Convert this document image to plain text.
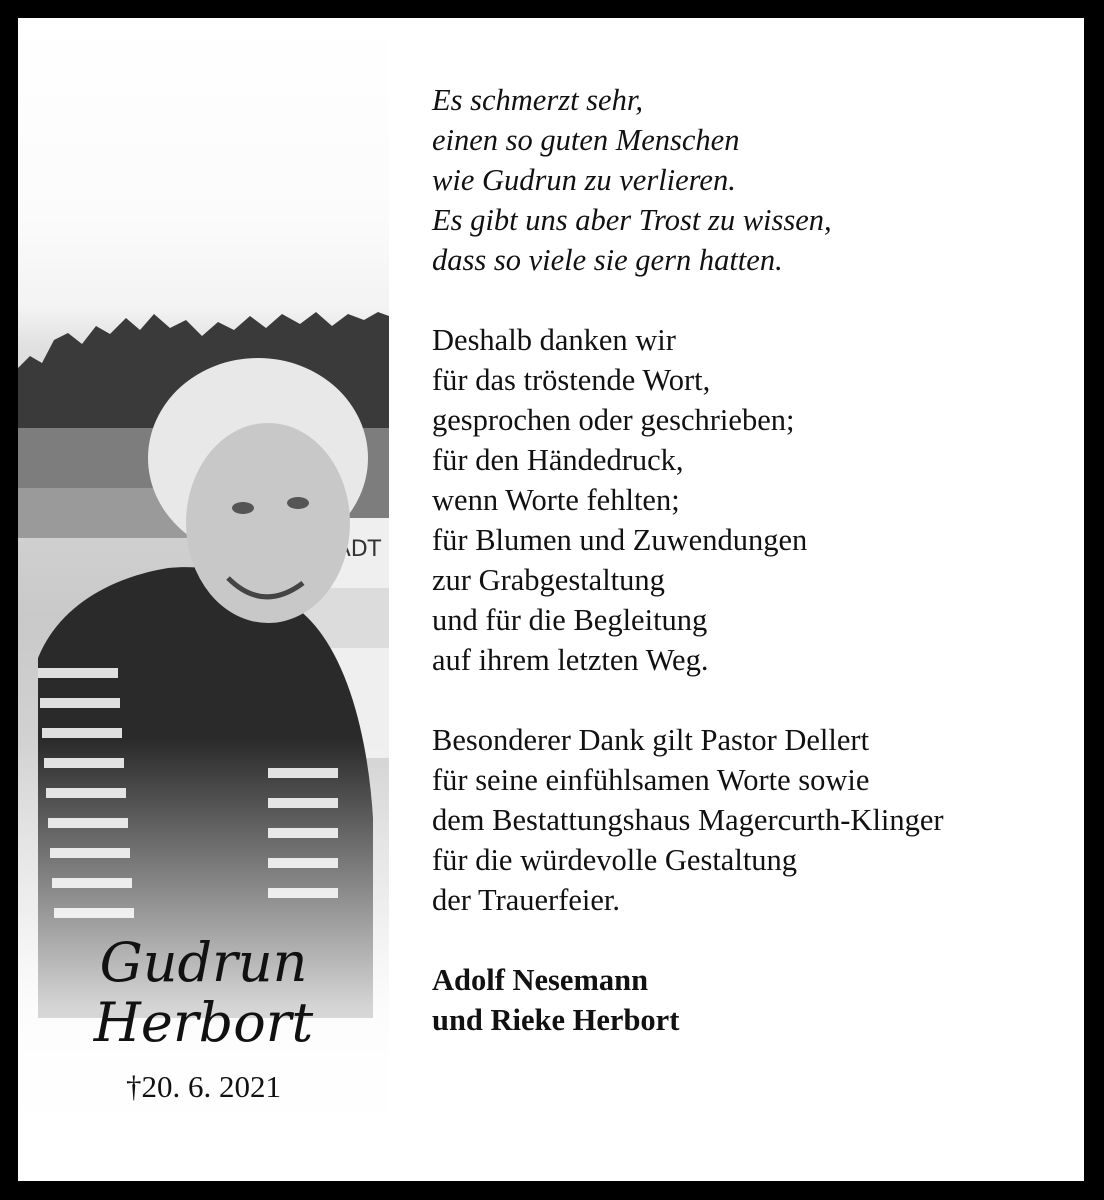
Gudrun
Herbort
†20. 6. 2021
Es schmerzt sehr,
einen so guten Menschen
wie Gudrun zu verlieren.
Es gibt uns aber Trost zu wissen,
dass so viele sie gern hatten.
Deshalb danken wir
für das tröstende Wort,
gesprochen oder geschrieben;
für den Händedruck,
wenn Worte fehlten;
für Blumen und Zuwendungen
zur Grabgestaltung
und für die Begleitung
auf ihrem letzten Weg.
Besonderer Dank gilt Pastor Dellert
für seine einfühlsamen Worte sowie
dem Bestattungshaus Magercurth-Klinger
für die würdevolle Gestaltung
der Trauerfeier.
Adolf Nesemann
und Rieke Herbort
